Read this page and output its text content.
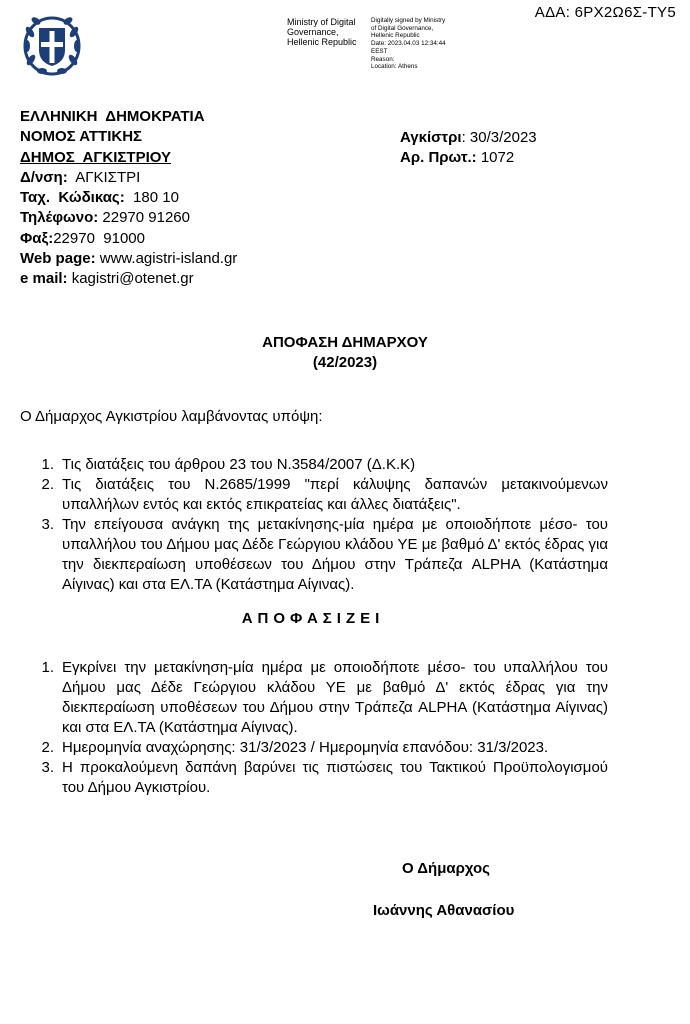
ΑΔΑ: 6ΡΧ2Ω6Σ-ΤΥ5
Ministry of Digital
Governance,
Hellenic Republic
Digitally signed by Ministry
of Digital Governance,
Hellenic Republic
Date: 2023.04.03 12:34:44
EEST
Reason:
Location: Athens
ΕΛΛΗΝΙΚΗ  ΔΗΜΟΚΡΑΤΙΑ
ΝΟΜΟΣ ΑΤΤΙΚΗΣ
ΔΗΜΟΣ  ΑΓΚΙΣΤΡΙΟΥ
Δ/νση:  ΑΓΚΙΣΤΡΙ
Ταχ.  Κώδικας:  180 10
Τηλέφωνο: 22970 91260
Φαξ:22970  91000
Web page: www.agistri-island.gr
e mail: kagistri@otenet.gr
Αγκίστρι: 30/3/2023
Αρ. Πρωτ.: 1072
ΑΠΟΦΑΣΗ ΔΗΜΑΡΧΟΥ
(42/2023)
Ο Δήμαρχος Αγκιστρίου λαμβάνοντας υπόψη:
1. Τις διατάξεις του άρθρου 23 του Ν.3584/2007 (Δ.Κ.Κ)
2. Τις διατάξεις του Ν.2685/1999 "περί κάλυψης δαπανών μετακινούμενων υπαλλήλων εντός και εκτός επικρατείας και άλλες διατάξεις".
3. Την επείγουσα ανάγκη της μετακίνησης-μία ημέρα με οποιοδήποτε μέσο- του υπαλλήλου του Δήμου μας Δέδε Γεώργιου κλάδου ΥΕ με βαθμό Δ' εκτός έδρας για την διεκπεραίωση υποθέσεων του Δήμου στην Τράπεζα ALPHA (Κατάστημα Αίγινας) και στα ΕΛ.ΤΑ (Κατάστημα Αίγινας).
ΑΠΟΦΑΣΙΖΕΙ
1. Εγκρίνει την μετακίνηση-μία ημέρα με οποιοδήποτε μέσο- του υπαλλήλου του Δήμου μας Δέδε Γεώργιου κλάδου ΥΕ με βαθμό Δ' εκτός έδρας για την διεκπεραίωση υποθέσεων του Δήμου στην Τράπεζα ALPHA (Κατάστημα Αίγινας) και στα ΕΛ.ΤΑ (Κατάστημα Αίγινας).
2. Ημερομηνία αναχώρησης: 31/3/2023 / Ημερομηνία επανόδου: 31/3/2023.
3. Η προκαλούμενη δαπάνη βαρύνει τις πιστώσεις του Τακτικού Προϋπολογισμού του Δήμου Αγκιστρίου.
Ο Δήμαρχος
Ιωάννης Αθανασίου
